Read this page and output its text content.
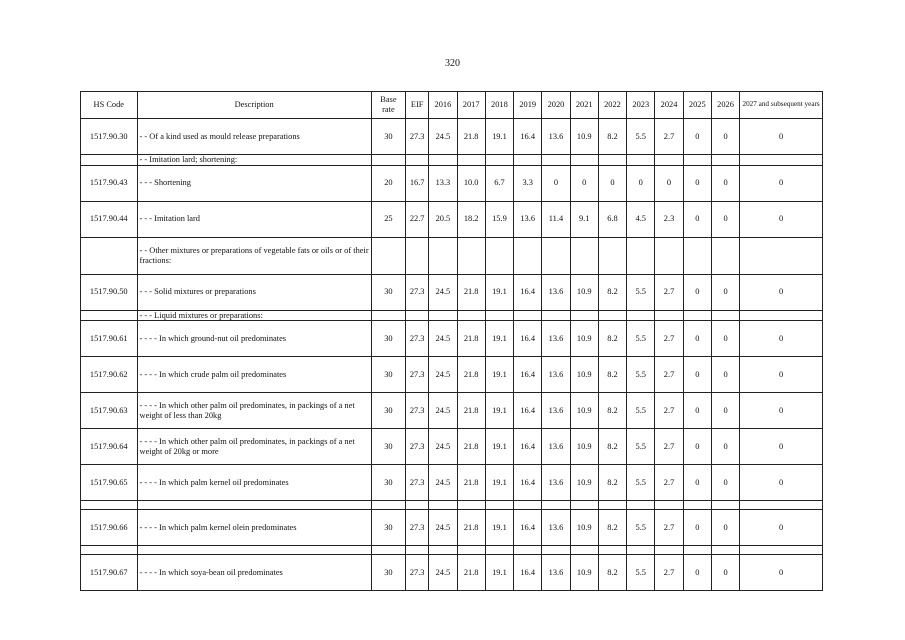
320
HS Code	Description	Base rate	EIF	2016	2017	2018	2019	2020	2021	2022	2023	2024	2025	2026	2027 and subsequent years
1517.90.30	- - Of a kind used as mould release preparations	30	27.3	24.5	21.8	19.1	16.4	13.6	10.9	8.2	5.5	2.7	0	0	0
	- - Imitation lard; shortening:														
1517.90.43	- - - Shortening	20	16.7	13.3	10.0	6.7	3.3	0	0	0	0	0	0	0	0
1517.90.44	- - - Imitation lard	25	22.7	20.5	18.2	15.9	13.6	11.4	9.1	6.8	4.5	2.3	0	0	0
	- - Other mixtures or preparations of vegetable fats or oils or of their fractions:														
1517.90.50	- - - Solid mixtures or preparations	30	27.3	24.5	21.8	19.1	16.4	13.6	10.9	8.2	5.5	2.7	0	0	0
	- - - Liquid mixtures or preparations:														
1517.90.61	- - - - In which ground-nut oil predominates	30	27.3	24.5	21.8	19.1	16.4	13.6	10.9	8.2	5.5	2.7	0	0	0
1517.90.62	- - - - In which crude palm oil predominates	30	27.3	24.5	21.8	19.1	16.4	13.6	10.9	8.2	5.5	2.7	0	0	0
1517.90.63	- - - - In which other palm oil predominates, in packings of a net weight of less than 20kg	30	27.3	24.5	21.8	19.1	16.4	13.6	10.9	8.2	5.5	2.7	0	0	0
1517.90.64	- - - - In which other palm oil predominates, in packings of a net weight of 20kg or more	30	27.3	24.5	21.8	19.1	16.4	13.6	10.9	8.2	5.5	2.7	0	0	0
1517.90.65	- - - - In which palm kernel oil predominates	30	27.3	24.5	21.8	19.1	16.4	13.6	10.9	8.2	5.5	2.7	0	0	0

1517.90.66	- - - - In which palm kernel olein predominates	30	27.3	24.5	21.8	19.1	16.4	13.6	10.9	8.2	5.5	2.7	0	0	0

1517.90.67	- - - - In which soya-bean oil predominates	30	27.3	24.5	21.8	19.1	16.4	13.6	10.9	8.2	5.5	2.7	0	0	0
